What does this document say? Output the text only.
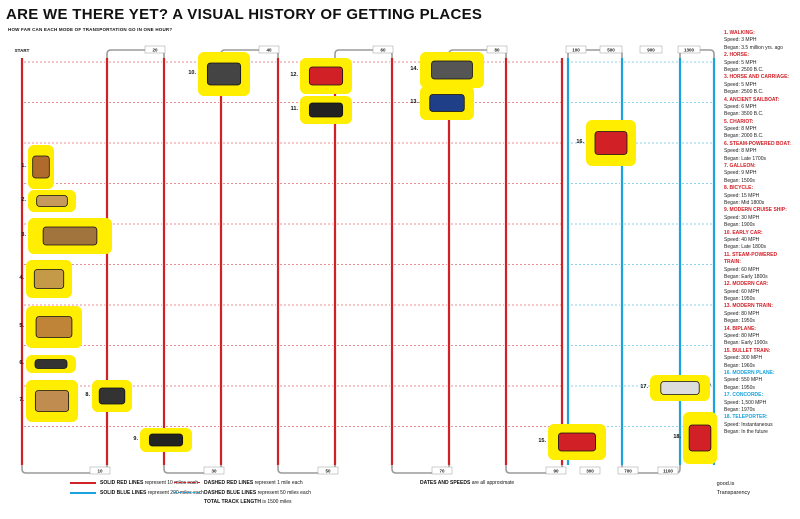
ARE WE THERE YET? A VISUAL HISTORY OF GETTING PLACES
HOW FAR CAN EACH MODE OF TRANSPORTATION GO IN ONE HOUR?
20	40	60	80	100	500	900	1300
10	30	50	70	90	300	700	1100
START
1.
2.
3.
4.
5.
6.
7.
8.
9.
10.
11.
12.
13.
14.
15.
16.
17.
18.
1. WALKING:
Speed: 3 MPH
Began: 3.5 million yrs. ago
2. HORSE:
Speed: 5 MPH
Began: 2500 B.C.
3. HORSE AND CARRIAGE:
Speed: 5 MPH
Began: 2500 B.C.
4. ANCIENT SAILBOAT:
Speed: 6 MPH
Began: 3500 B.C.
5. CHARIOT:
Speed: 8 MPH
Began: 2000 B.C.
6. STEAM-POWERED BOAT:
Speed: 8 MPH
Began: Late 1700s
7. GALLEON:
Speed: 9 MPH
Began: 1500s
8. BICYCLE:
Speed: 15 MPH
Began: Mid 1800s
9. MODERN CRUISE SHIP:
Speed: 30 MPH
Began: 1900s
10. EARLY CAR:
Speed: 40 MPH
Began: Late 1800s
11. STEAM-POWERED TRAIN:
Speed: 60 MPH
Began: Early 1800s
12. MODERN CAR:
Speed: 60 MPH
Began: 1950s
13. MODERN TRAIN:
Speed: 80 MPH
Began: 1950s
14. BIPLANE:
Speed: 80 MPH
Began: Early 1900s
15. BULLET TRAIN:
Speed: 300 MPH
Began: 1960s
16. MODERN PLANE:
Speed: 550 MPH
Began: 1950s
17. CONCORDE:
Speed: 1,500 MPH
Began: 1970s
18. TELEPORTER:
Speed: Instantaneous
Began: In the future
SOLID RED LINES represent 10 miles each
SOLID BLUE LINES represent 200 miles each
DASHED RED LINES represent 1 mile each
DASHED BLUE LINES represent 50 miles each
TOTAL TRACK LENGTH is 1500 miles
DATES AND SPEEDS are all approximate	good.is
Transparency
